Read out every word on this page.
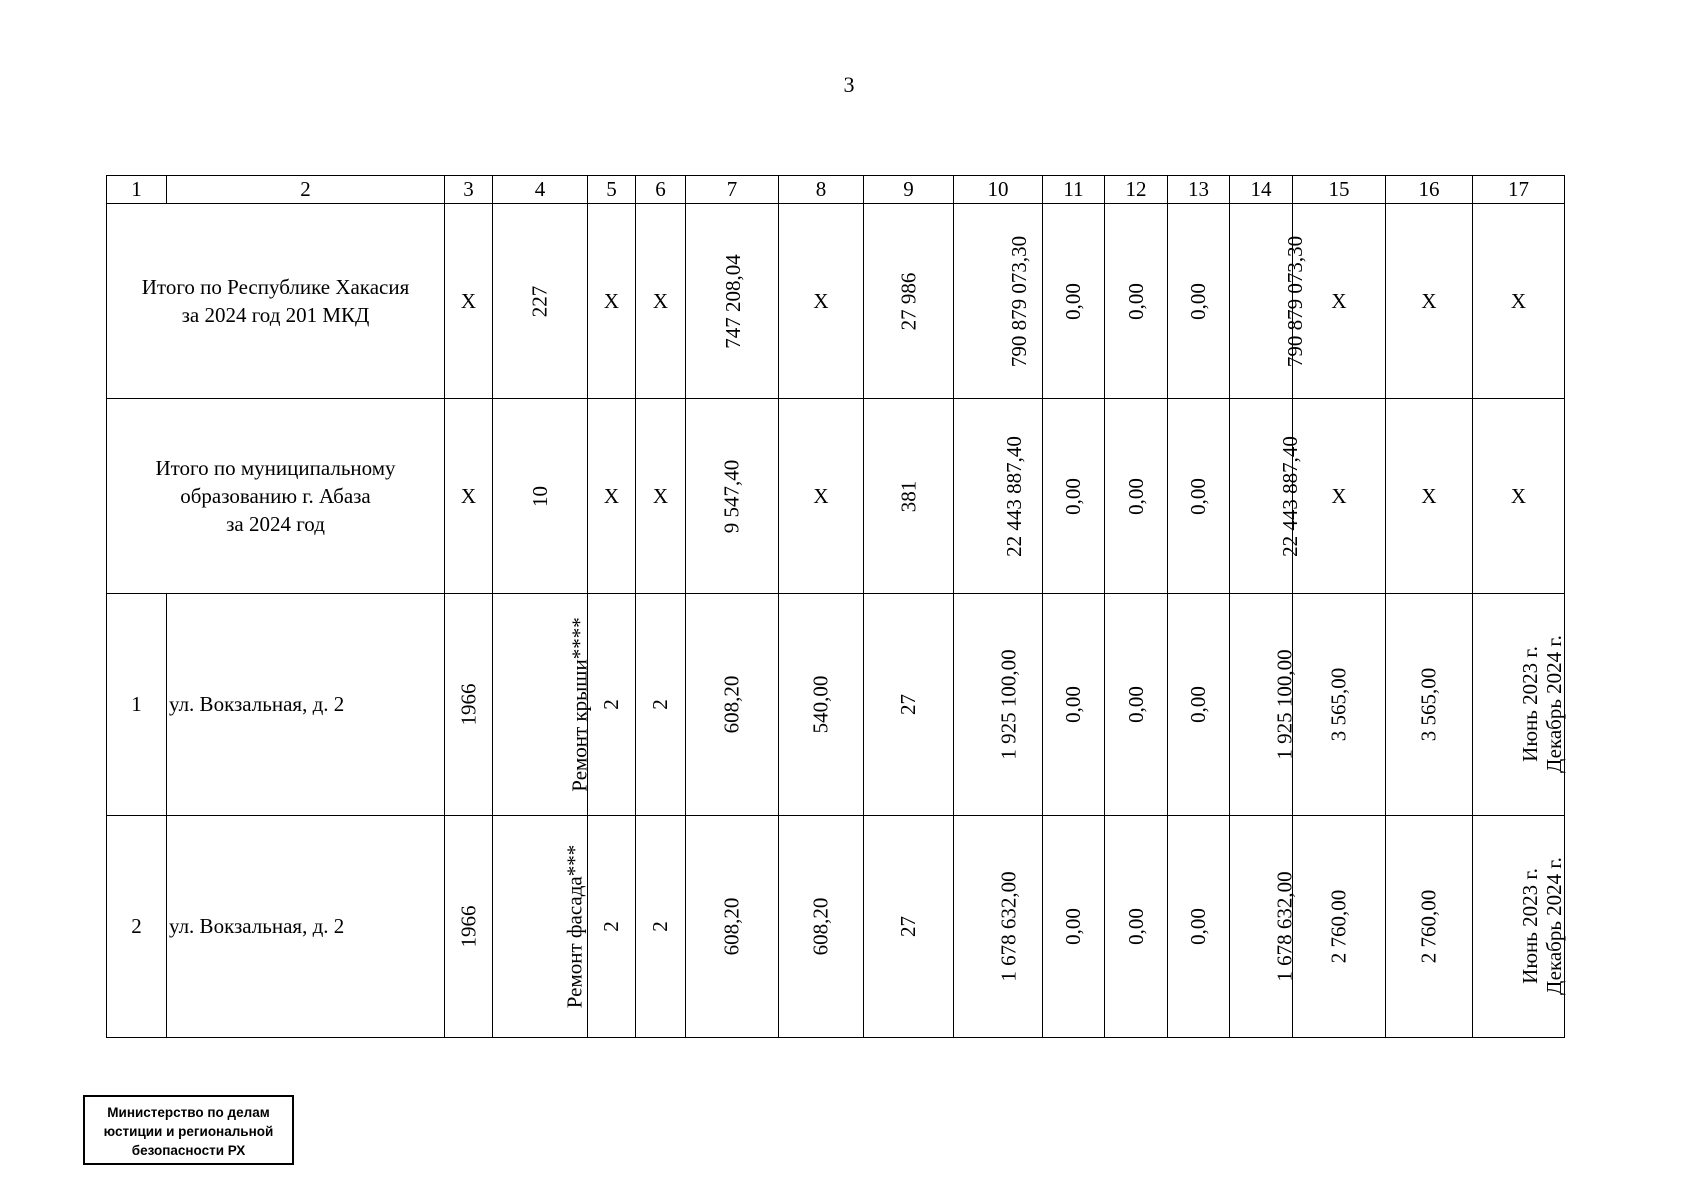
3
1	2	3	4	5	6	7	8	9	10	11	12	13	14	15	16	17

Итого по Республике Хакасия
за 2024 год 201 МКД		X	227	X	X	747 208,04	X	27 986	790 879 073,30	0,00	0,00	0,00	790 879 073,30	X	X	X

Итого по муниципальному
образованию г. Абаза
за 2024 год		X	10	X	X	9 547,40	X	381	22 443 887,40	0,00	0,00	0,00	22 443 887,40	X	X	X
1	ул. Вокзальная, д. 2	1966	Ремонт крыши****	2	2	608,20	540,00	27	1 925 100,00	0,00	0,00	0,00	1 925 100,00	3 565,00	3 565,00	Июнь 2023 г. Декабрь 2024 г.

2	ул. Вокзальная, д. 2	1966	Ремонт фасада***	2	2	608,20	608,20	27	1 678 632,00	0,00	0,00	0,00	1 678 632,00	2 760,00	2 760,00	Июнь 2023 г. Декабрь 2024 г.
Министерство по делам
юстиции и региональной
безопасности РХ
